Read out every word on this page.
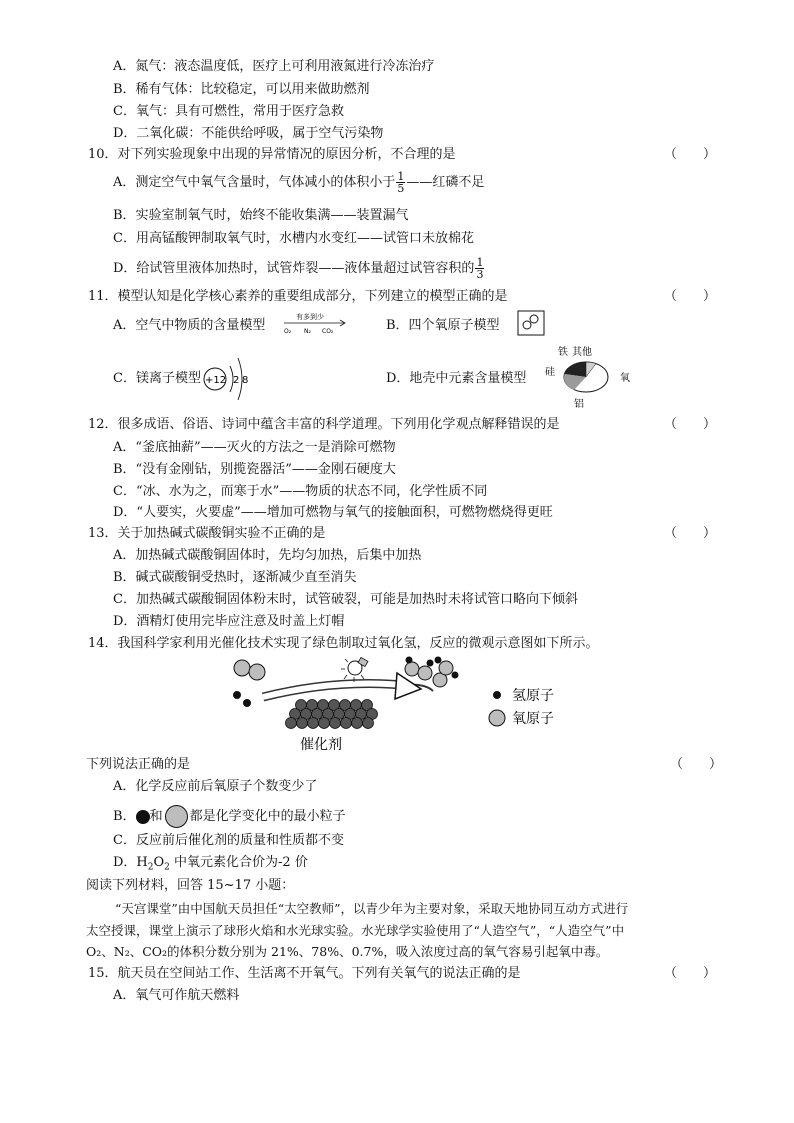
A．氮气：液态温度低，医疗上可利用液氮进行冷冻治疗
B．稀有气体：比较稳定，可以用来做助燃剂
C．氧气：具有可燃性，常用于医疗急救
D．二氧化碳：不能供给呼吸，属于空气污染物
10．对下列实验现象中出现的异常情况的原因分析，不合理的是	（　　）
A．测定空气中氧气含量时，气体减小的体积小于 $\frac{1}{5}$ ——红磷不足
B．实验室制氧气时，始终不能收集满——装置漏气
C．用高锰酸钾制取氧气时，水槽内水变红——试管口未放棉花
D．给试管里液体加热时，试管炸裂——液体量超过试管容积的 $\frac{1}{3}$
11．模型认知是化学核心素养的重要组成部分，下列建立的模型正确的是	（　　）
A．空气中物质的含量模型
有多到少
O₂ N₂ CO₂	B．四个氧原子模型
C．镁离子模型 +12 2 8	D．地壳中元素含量模型
铁 其他
硅
氧
铝
12．很多成语、俗语、诗词中蕴含丰富的科学道理。下列用化学观点解释错误的是	（　　）
A．“釜底抽薪”——灭火的方法之一是消除可燃物
B．“没有金刚钻，别揽瓷器活”——金刚石硬度大
C．“冰、水为之，而寒于水”——物质的状态不同，化学性质不同
D．“人要实，火要虚”——增加可燃物与氧气的接触面积，可燃物燃烧得更旺
13．关于加热碱式碳酸铜实验不正确的是	（　　）
A．加热碱式碳酸铜固体时，先均匀加热，后集中加热
B．碱式碳酸铜受热时，逐渐减少直至消失
C．加热碱式碳酸铜固体粉末时，试管破裂，可能是加热时未将试管口略向下倾斜
D．酒精灯使用完毕应注意及时盖上灯帽
14．我国科学家利用光催化技术实现了绿色制取过氧化氢，反应的微观示意图如下所示。
氢原子
氧原子
催化剂
下列说法正确的是	（　　）
A．化学反应前后氧原子个数变少了
B． 和 都是化学变化中的最小粒子
C．反应前后催化剂的质量和性质都不变
D．$H_2O_2$ 中氧元素化合价为-2 价
阅读下列材料，回答 15~17 小题：
“天宫课堂”由中国航天员担任“太空教师”，以青少年为主要对象，采取天地协同互动方式进行
太空授课，课堂上演示了球形火焰和水光球实验。水光球学实验使用了“人造空气”，“人造空气”中
O₂、N₂、CO₂的体积分数分别为 21%、78%、0.7%，吸入浓度过高的氧气容易引起氧中毒。
15．航天员在空间站工作、生活离不开氧气。下列有关氧气的说法正确的是	（　　）
A．氧气可作航天燃料
